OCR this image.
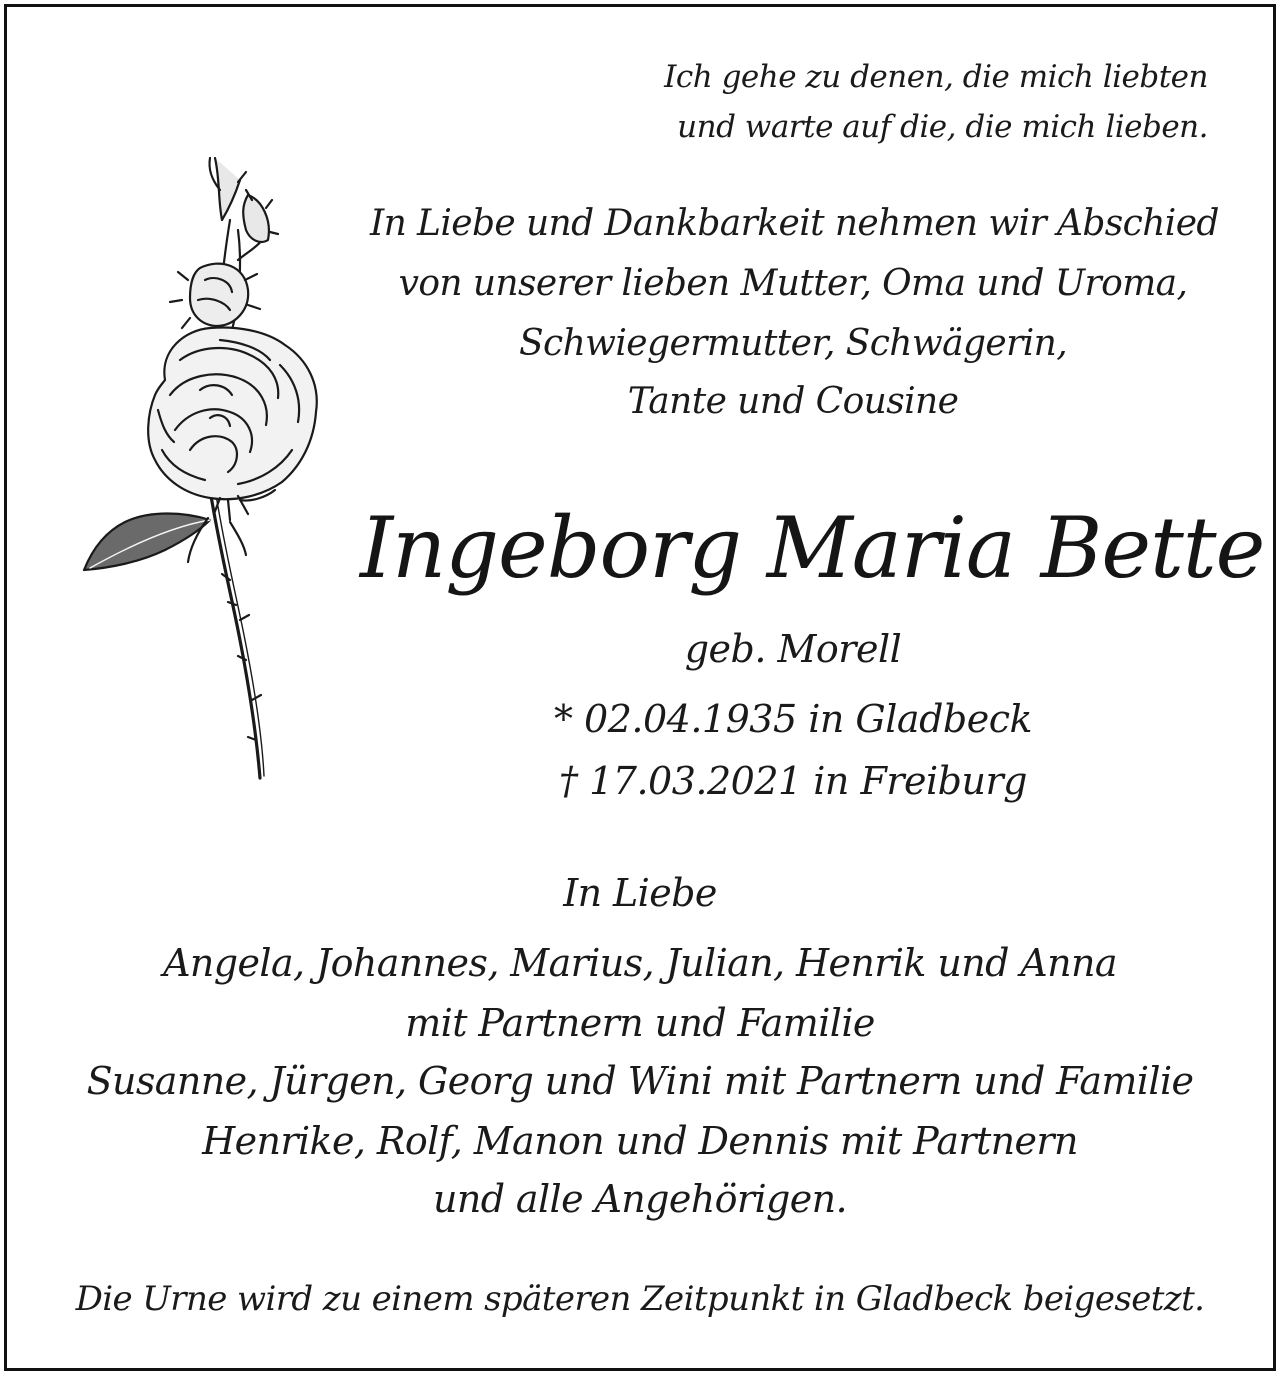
Ich gehe zu denen, die mich liebten
und warte auf die, die mich lieben.
In Liebe und Dankbarkeit nehmen wir Abschied
von unserer lieben Mutter, Oma und Uroma,
Schwiegermutter, Schwägerin,
Tante und Cousine
Ingeborg Maria Bette
geb. Morell
* 02.04.1935 in Gladbeck
† 17.03.2021 in Freiburg
In Liebe
Angela, Johannes, Marius, Julian, Henrik und Anna
mit Partnern und Familie
Susanne, Jürgen, Georg und Wini mit Partnern und Familie
Henrike, Rolf, Manon und Dennis mit Partnern
und alle Angehörigen.
Die Urne wird zu einem späteren Zeitpunkt in Gladbeck beigesetzt.
